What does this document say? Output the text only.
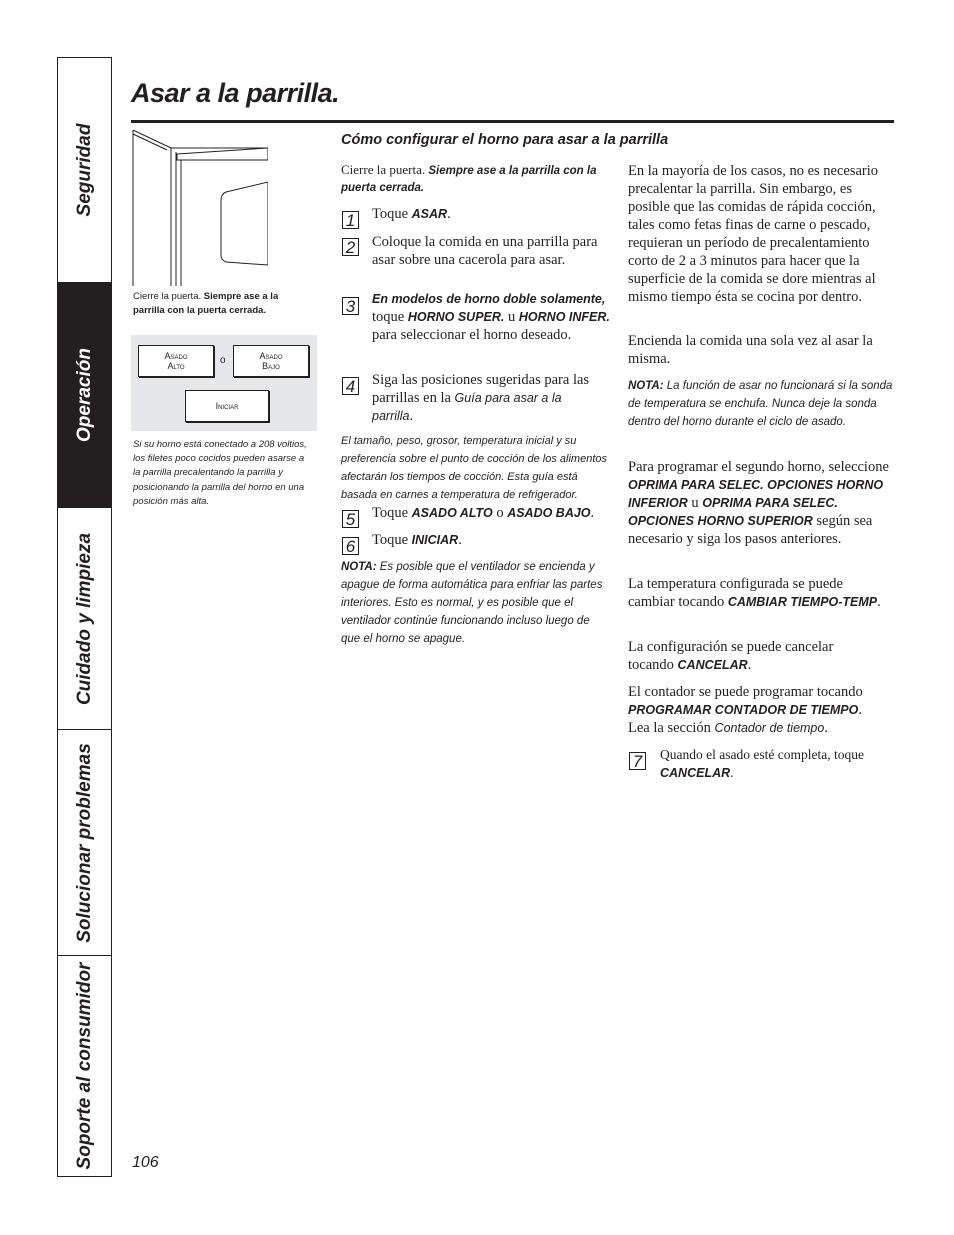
Seguridad
Operación
Cuidado y limpieza
Solucionar problemas
Soporte al consumidor
Asar a la parrilla.
Cierre la puerta. Siempre ase a la parrilla con la puerta cerrada.
Asado
Alto	o	Asado
Bajo
Iniciar
Si su horno está conectado a 208 voltios, los filetes poco cocidos pueden asarse a la parrilla precalentando la parrilla y posicionando la parrilla del horno en una posición más alta.
Cómo configurar el horno para asar a la parrilla
Cierre la puerta. Siempre ase a la parrilla con la puerta cerrada.
1 Toque ASAR.
2 Coloque la comida en una parrilla para asar sobre una cacerola para asar.
3	En modelos de horno doble solamente, toque HORNO SUPER. u HORNO INFER. para seleccionar el horno deseado.
4 Siga las posiciones sugeridas para las parrillas en la Guía para asar a la parrilla.
El tamaño, peso, grosor, temperatura inicial y su preferencia sobre el punto de cocción de los alimentos afectarán los tiempos de cocción. Esta guía está basada en carnes a temperatura de refrigerador.
5 Toque ASADO ALTO o ASADO BAJO.
6 Toque INICIAR.
NOTA: Es posible que el ventilador se encienda y apague de forma automática para enfriar las partes interiores. Esto es normal, y es posible que el ventilador continúe funcionando incluso luego de que el horno se apague.
En la mayoría de los casos, no es necesario precalentar la parrilla. Sin embargo, es posible que las comidas de rápida cocción, tales como fetas finas de carne o pescado, requieran un período de precalentamiento corto de 2 a 3 minutos para hacer que la superficie de la comida se dore mientras al mismo tiempo ésta se cocina por dentro.
Encienda la comida una sola vez al asar la misma.
NOTA: La función de asar no funcionará si la sonda de temperatura se enchufa. Nunca deje la sonda dentro del horno durante el ciclo de asado.
Para programar el segundo horno, seleccione OPRIMA PARA SELEC. OPCIONES HORNO INFERIOR u OPRIMA PARA SELEC. OPCIONES HORNO SUPERIOR según sea necesario y siga los pasos anteriores.
La temperatura configurada se puede cambiar tocando CAMBIAR TIEMPO-TEMP.
La configuración se puede cancelar tocando CANCELAR.
El contador se puede programar tocando
PROGRAMAR CONTADOR DE TIEMPO.
Lea la sección Contador de tiempo.
7 Quando el asado esté completa, toque CANCELAR.
106
